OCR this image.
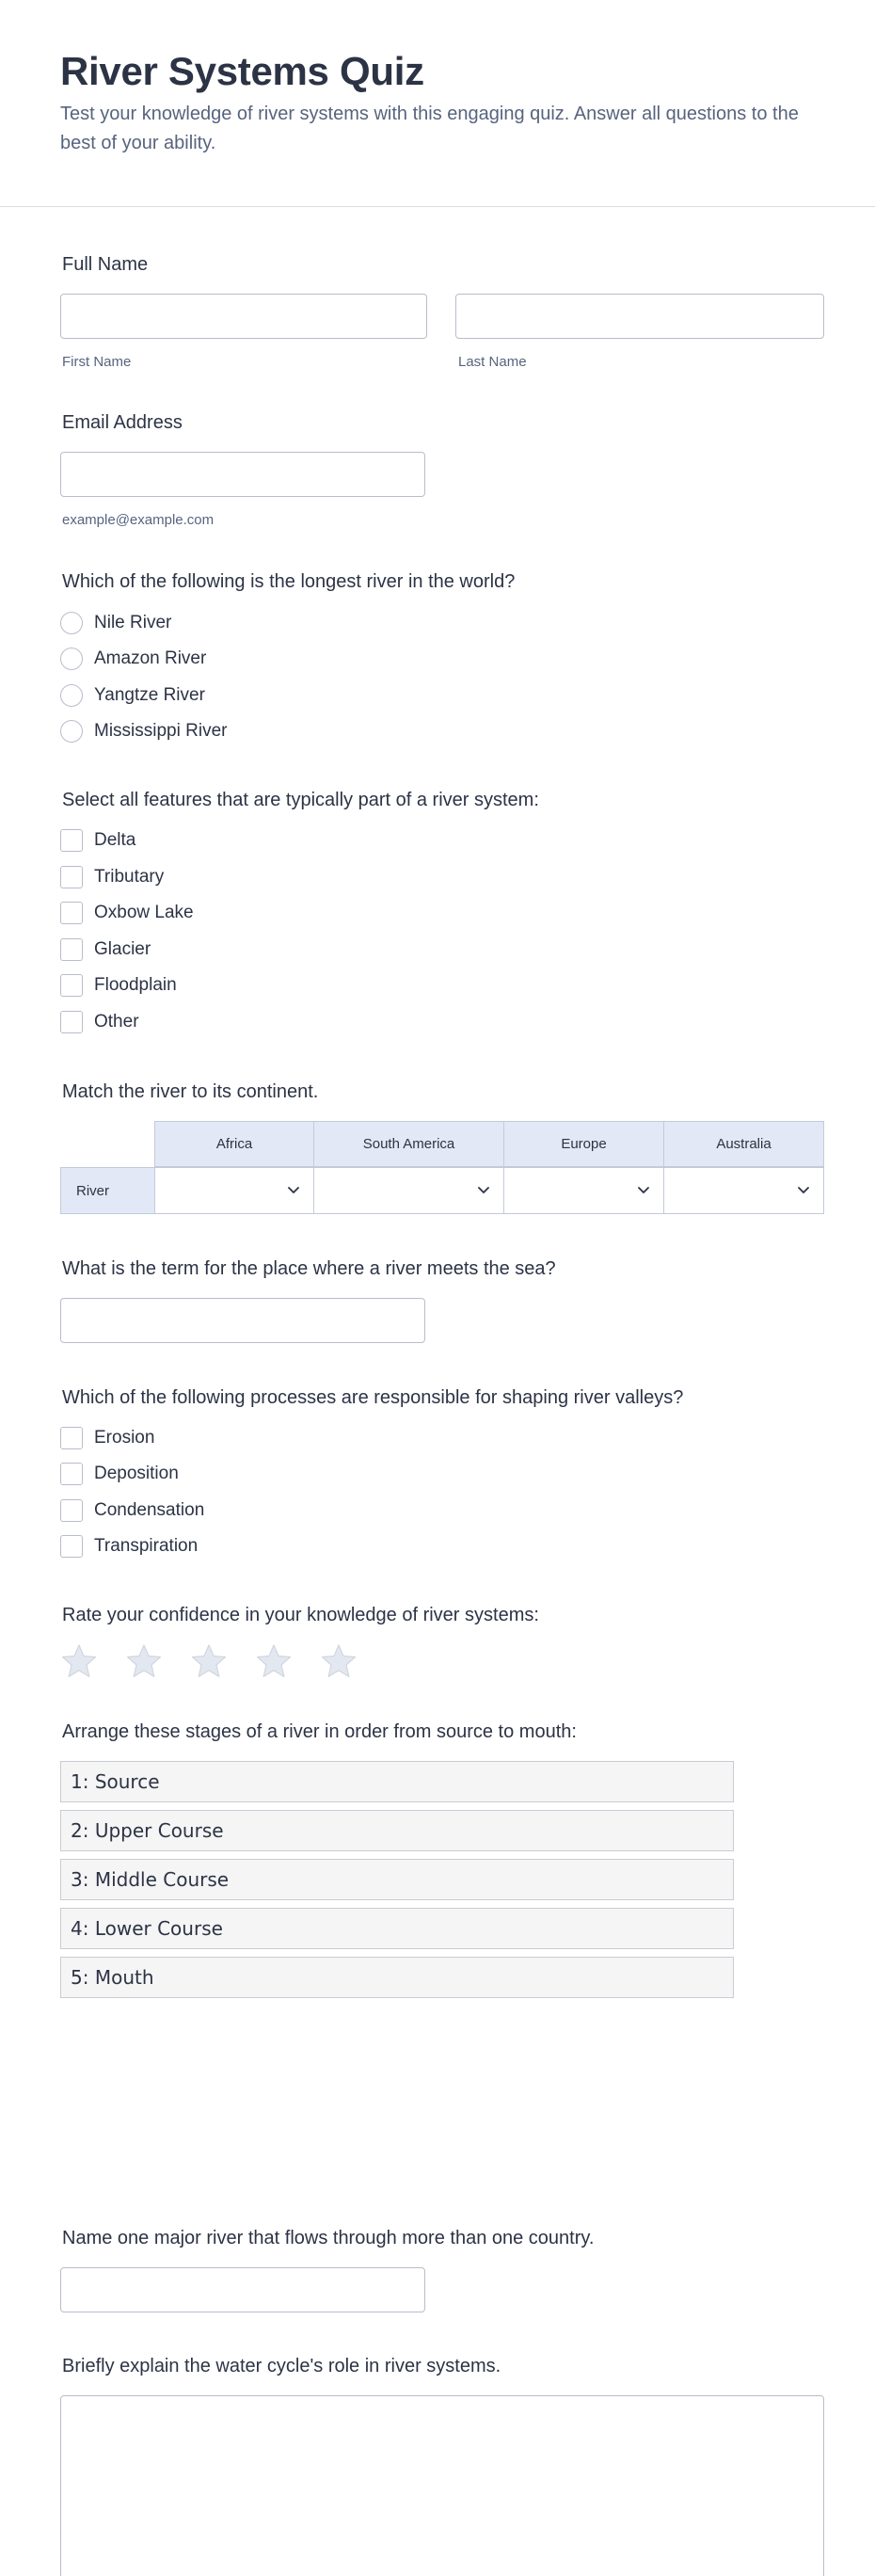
River Systems Quiz
Test your knowledge of river systems with this engaging quiz. Answer all questions to the best of your ability.
Full Name
First Name	Last Name
Email Address
example@example.com
Which of the following is the longest river in the world?
Nile River
Amazon River
Yangtze River
Mississippi River
Select all features that are typically part of a river system:
Delta
Tributary
Oxbow Lake
Glacier
Floodplain
Other
Match the river to its continent.
Africa	South America	Europe	Australia
River
What is the term for the place where a river meets the sea?
Which of the following processes are responsible for shaping river valleys?
Erosion
Deposition
Condensation
Transpiration
Rate your confidence in your knowledge of river systems:
Arrange these stages of a river in order from source to mouth:
1: Source
2: Upper Course
3: Middle Course
4: Lower Course
5: Mouth
Name one major river that flows through more than one country.
Briefly explain the water cycle's role in river systems.
